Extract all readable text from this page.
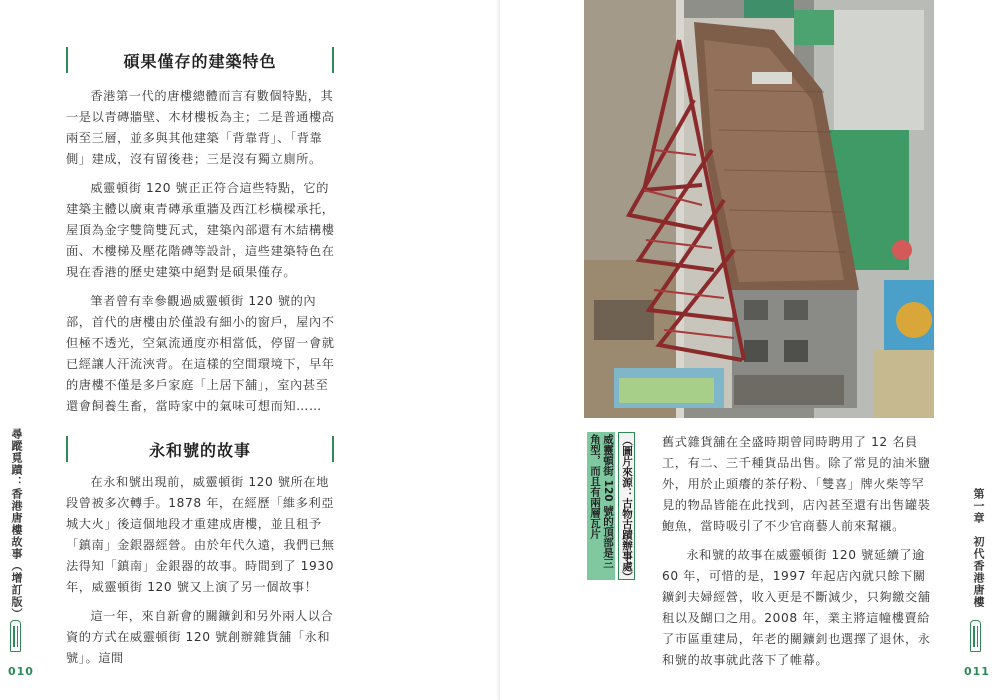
碩果僅存的建築特色

香港第一代的唐樓總體而言有數個特點，其一是以青磚牆壁、木材樓板為主；二是普通樓高兩至三層，並多與其他建築「背靠背」、「背靠側」建成，沒有留後巷；三是沒有獨立廁所。

威靈頓街 120 號正正符合這些特點，它的建築主體以廣東青磚承重牆及西江杉橫樑承托，屋頂為金字雙筒雙瓦式，建築內部還有木結構樓面、木樓梯及壓花階磚等設計，這些建築特色在現在香港的歷史建築中絕對是碩果僅存。

筆者曾有幸參觀過威靈頓街 120 號的內部，首代的唐樓由於僅設有細小的窗戶，屋內不但極不透光，空氣流通度亦相當低，停留一會就已經讓人汗流浹背。在這樣的空間環境下，早年的唐樓不僅是多戶家庭「上居下舖」，室內甚至還會飼養生畜，當時家中的氣味可想而知……

永和號的故事

在永和號出現前，威靈頓街 120 號所在地段曾被多次轉手。1878 年，在經歷「維多利亞城大火」後這個地段才重建成唐樓，並且租予「鎮南」金銀器經營。由於年代久遠，我們已無法得知「鎮南」金銀器的故事。時間到了 1930 年，威靈頓街 120 號又上演了另一個故事！

這一年，來自新會的關鑛釗和另外兩人以合資的方式在威靈頓街 120 號創辦雜貨舖「永和號」。這間

尋蹤覓蹟：香港唐樓故事（增訂版）
010
威靈頓街 120 號的頂部是三角型，而且有兩層瓦片	（圖片來源：古物古蹟辦事處） 舊式雜貨舖在全盛時期曾同時聘用了 12 名員工，有二、三千種貨品出售。除了常見的油米鹽外，用於止頭癢的茶仔粉、「雙喜」牌火柴等罕見的物品皆能在此找到，店內甚至還有出售罐裝鮑魚，當時吸引了不少官商藝人前來幫襯。

永和號的故事在威靈頓街 120 號延續了逾 60 年，可惜的是，1997 年起店內就只餘下關鑛釗夫婦經營，收入更是不斷減少，只夠繳交舖租以及餬口之用。2008 年，業主將這幢樓賣給了市區重建局，年老的關鑛釗也選擇了退休，永和號的故事就此落下了帷幕。

第一章　初代香港唐樓
011
